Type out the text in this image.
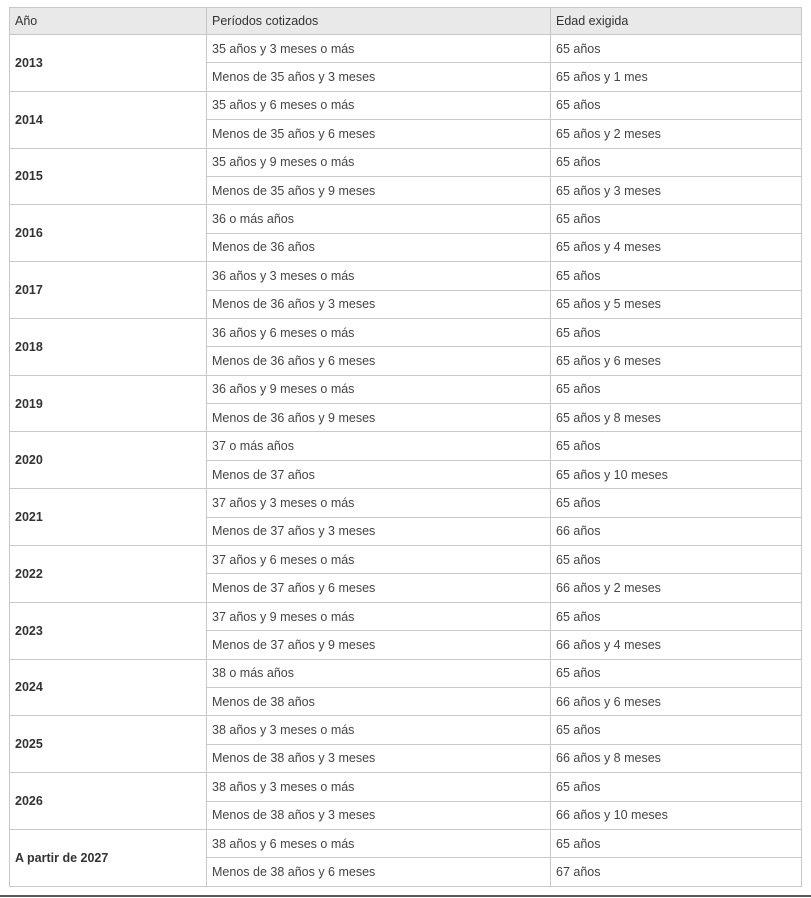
Año	Períodos cotizados	Edad exigida
2013	35 años y 3 meses o más	65 años
	Menos de 35 años y 3 meses	65 años y 1 mes
2014	35 años y 6 meses o más	65 años
	Menos de 35 años y 6 meses	65 años y 2 meses
2015	35 años y 9 meses o más	65 años
	Menos de 35 años y 9 meses	65 años y 3 meses
2016	36 o más años	65 años
	Menos de 36 años	65 años y 4 meses
2017	36 años y 3 meses o más	65 años
	Menos de 36 años y 3 meses	65 años y 5 meses
2018	36 años y 6 meses o más	65 años
	Menos de 36 años y 6 meses	65 años y 6 meses
2019	36 años y 9 meses o más	65 años
	Menos de 36 años y 9 meses	65 años y 8 meses
2020	37 o más años	65 años
	Menos de 37 años	65 años y 10 meses
2021	37 años y 3 meses o más	65 años
	Menos de 37 años y 3 meses	66 años
2022	37 años y 6 meses o más	65 años
	Menos de 37 años y 6 meses	66 años y 2 meses
2023	37 años y 9 meses o más	65 años
	Menos de 37 años y 9 meses	66 años y 4 meses
2024	38 o más años	65 años
	Menos de 38 años	66 años y 6 meses
2025	38 años y 3 meses o más	65 años
	Menos de 38 años y 3 meses	66 años y 8 meses
2026	38 años y 3 meses o más	65 años
	Menos de 38 años y 3 meses	66 años y 10 meses
A partir de 2027	38 años y 6 meses o más	65 años
	Menos de 38 años y 6 meses	67 años
